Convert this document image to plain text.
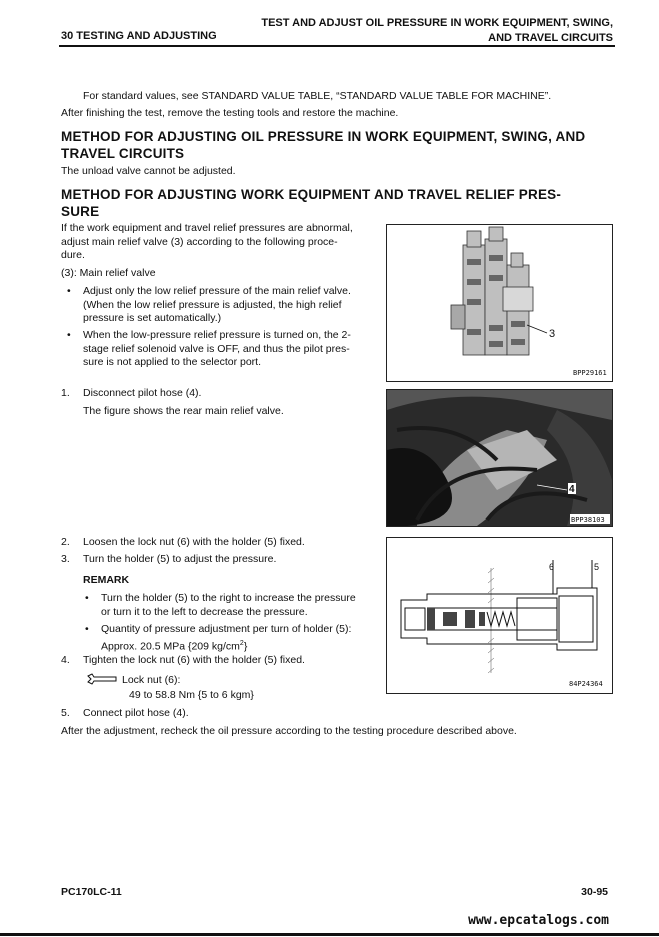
30 TESTING AND ADJUSTING
TEST AND ADJUST OIL PRESSURE IN WORK EQUIPMENT, SWING,
AND TRAVEL CIRCUITS
For standard values, see STANDARD VALUE TABLE, “STANDARD VALUE TABLE FOR MACHINE”.
After finishing the test, remove the testing tools and restore the machine.
METHOD FOR ADJUSTING OIL PRESSURE IN WORK EQUIPMENT, SWING, AND
TRAVEL CIRCUITS
The unload valve cannot be adjusted.
METHOD FOR ADJUSTING WORK EQUIPMENT AND TRAVEL RELIEF PRES-
SURE
If the work equipment and travel relief pressures are abnormal,
adjust main relief valve (3) according to the following proce-
dure.
(3): Main relief valve
• Adjust only the low relief pressure of the main relief valve.
(When the low relief pressure is adjusted, the high relief
pressure is set automatically.)
• When the low-pressure relief pressure is turned on, the 2-
stage relief solenoid valve is OFF, and thus the pilot pres-
sure is not applied to the selector port.
3
BPP29161
1. Disconnect pilot hose (4).
The figure shows the rear main relief valve.
4
BPP38103
2. Loosen the lock nut (6) with the holder (5) fixed.
3. Turn the holder (5) to adjust the pressure.
REMARK
• Turn the holder (5) to the right to increase the pressure
or turn it to the left to decrease the pressure.
• Quantity of pressure adjustment per turn of holder (5):
Approx. 20.5 MPa {209 $kg/cm^2$}
6	5
84P24364
4. Tighten the lock nut (6) with the holder (5) fixed.
Lock nut (6):
49 to 58.8 Nm {5 to 6 kgm}
5. Connect pilot hose (4).
After the adjustment, recheck the oil pressure according to the testing procedure described above.
PC170LC-11	30-95
www.epcatalogs.com
